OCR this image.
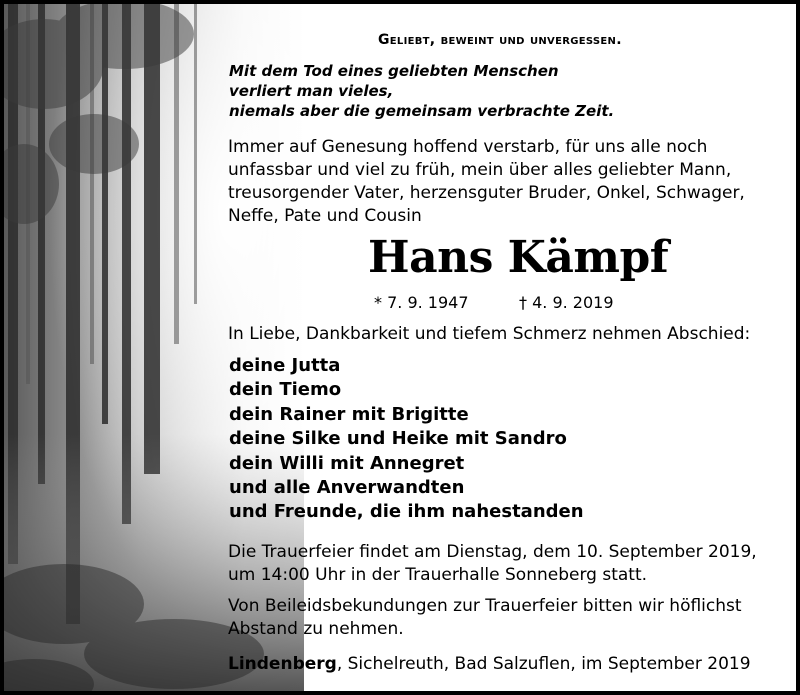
Geliebt, beweint und unvergessen.
Mit dem Tod eines geliebten Menschen
verliert man vieles,
niemals aber die gemeinsam verbrachte Zeit.
Immer auf Genesung hoffend verstarb, für uns alle noch
unfassbar und viel zu früh, mein über alles geliebter Mann,
treusorgender Vater, herzensguter Bruder, Onkel, Schwager,
Neffe, Pate und Cousin
Hans Kämpf
* 7. 9. 1947	† 4. 9. 2019
In Liebe, Dankbarkeit und tiefem Schmerz nehmen Abschied:
deine Jutta
dein Tiemo
dein Rainer mit Brigitte
deine Silke und Heike mit Sandro
dein Willi mit Annegret
und alle Anverwandten
und Freunde, die ihm nahestanden
Die Trauerfeier findet am Dienstag, dem 10. September 2019,
um 14:00 Uhr in der Trauerhalle Sonneberg statt.
Von Beileidsbekundungen zur Trauerfeier bitten wir höflichst
Abstand zu nehmen.
Lindenberg, Sichelreuth, Bad Salzuflen, im September 2019
